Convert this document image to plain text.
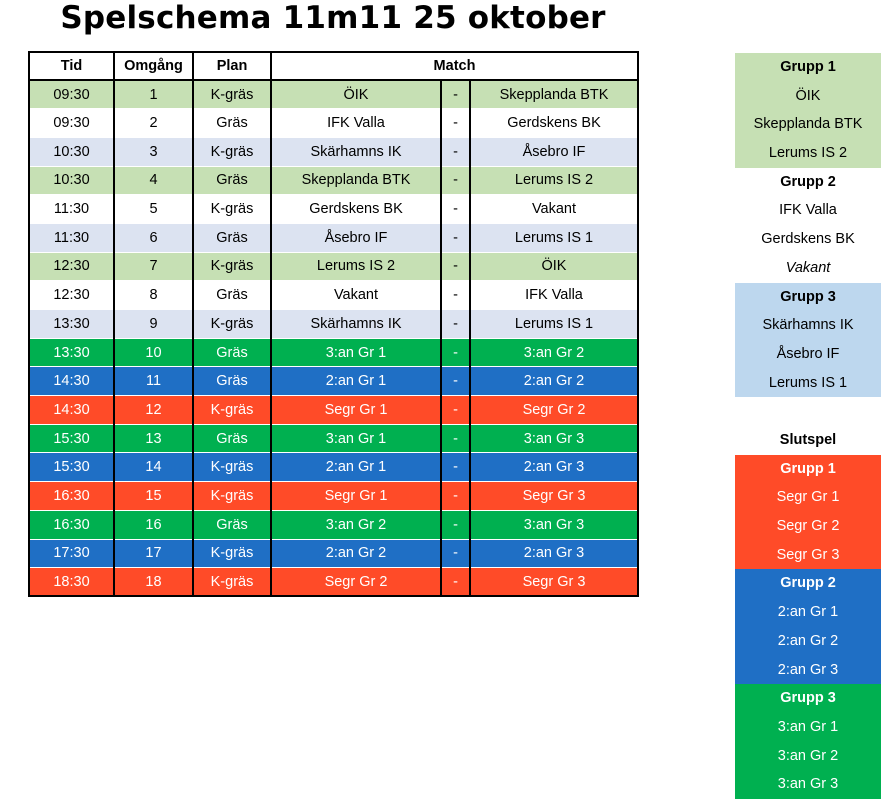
Spelschema 11m11 25 oktober
Tid	Omgång	Plan	Match		
09:30	1	K-gräs	ÖIK	-	Skepplanda BTK
09:30	2	Gräs	IFK Valla	-	Gerdskens BK
10:30	3	K-gräs	Skärhamns IK	-	Åsebro IF
10:30	4	Gräs	Skepplanda BTK	-	Lerums IS 2
11:30	5	K-gräs	Gerdskens BK	-	Vakant
11:30	6	Gräs	Åsebro IF	-	Lerums IS 1
12:30	7	K-gräs	Lerums IS 2	-	ÖIK
12:30	8	Gräs	Vakant	-	IFK Valla
13:30	9	K-gräs	Skärhamns IK	-	Lerums IS 1
13:30	10	Gräs	3:an Gr 1	-	3:an Gr 2
14:30	11	Gräs	2:an Gr 1	-	2:an Gr 2
14:30	12	K-gräs	Segr Gr 1	-	Segr Gr 2
15:30	13	Gräs	3:an Gr 1	-	3:an Gr 3
15:30	14	K-gräs	2:an Gr 1	-	2:an Gr 3
16:30	15	K-gräs	Segr Gr 1	-	Segr Gr 3
16:30	16	Gräs	3:an Gr 2	-	3:an Gr 3
17:30	17	K-gräs	2:an Gr 2	-	2:an Gr 3
18:30	18	K-gräs	Segr Gr 2	-	Segr Gr 3
Grupp 1
ÖIK
Skepplanda BTK
Lerums IS 2
Grupp 2
IFK Valla
Gerdskens BK
Vakant
Grupp 3
Skärhamns IK
Åsebro IF
Lerums IS 1
Slutspel
Grupp 1
Segr Gr 1
Segr Gr 2
Segr Gr 3
Grupp 2
2:an Gr 1
2:an Gr 2
2:an Gr 3
Grupp 3
3:an Gr 1
3:an Gr 2
3:an Gr 3
